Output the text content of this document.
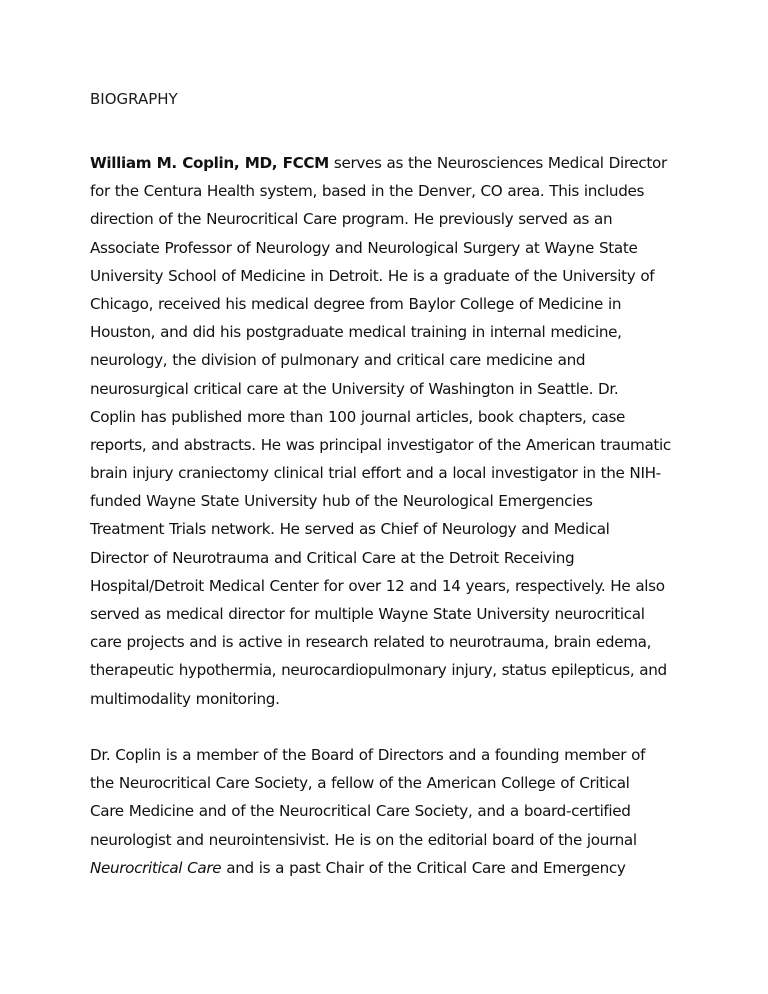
BIOGRAPHY
William M. Coplin, MD, FCCM serves as the Neurosciences Medical Director
for the Centura Health system, based in the Denver, CO area. This includes
direction of the Neurocritical Care program. He previously served as an
Associate Professor of Neurology and Neurological Surgery at Wayne State
University School of Medicine in Detroit. He is a graduate of the University of
Chicago, received his medical degree from Baylor College of Medicine in
Houston, and did his postgraduate medical training in internal medicine,
neurology, the division of pulmonary and critical care medicine and
neurosurgical critical care at the University of Washington in Seattle. Dr.
Coplin has published more than 100 journal articles, book chapters, case
reports, and abstracts. He was principal investigator of the American traumatic
brain injury craniectomy clinical trial effort and a local investigator in the NIH-
funded Wayne State University hub of the Neurological Emergencies
Treatment Trials network. He served as Chief of Neurology and Medical
Director of Neurotrauma and Critical Care at the Detroit Receiving
Hospital/Detroit Medical Center for over 12 and 14 years, respectively. He also
served as medical director for multiple Wayne State University neurocritical
care projects and is active in research related to neurotrauma, brain edema,
therapeutic hypothermia, neurocardiopulmonary injury, status epilepticus, and
multimodality monitoring.
Dr. Coplin is a member of the Board of Directors and a founding member of
the Neurocritical Care Society, a fellow of the American College of Critical
Care Medicine and of the Neurocritical Care Society, and a board-certified
neurologist and neurointensivist. He is on the editorial board of the journal
Neurocritical Care and is a past Chair of the Critical Care and Emergency
